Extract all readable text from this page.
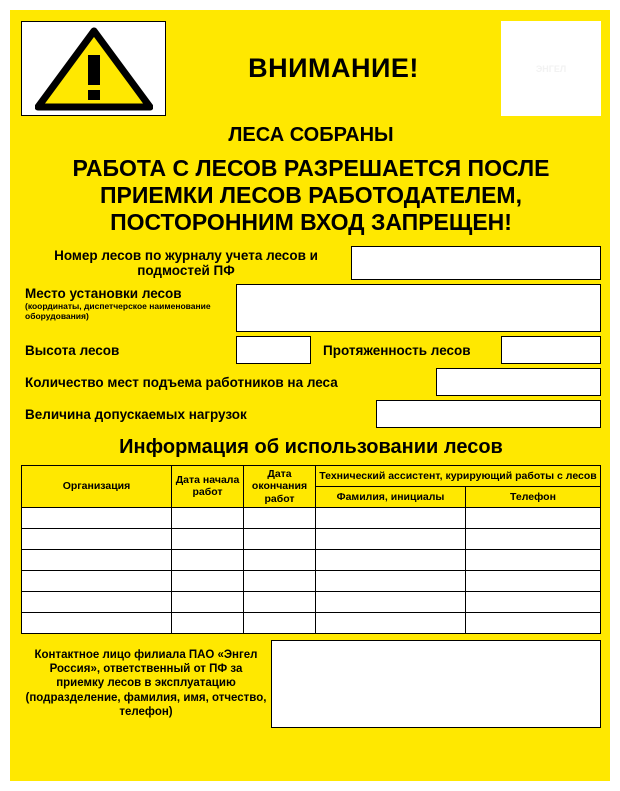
ВНИМАНИЕ!	ЭНГЕЛ
ЛЕСА СОБРАНЫ
РАБОТА С ЛЕСОВ РАЗРЕШАЕТСЯ ПОСЛЕ ПРИЕМКИ ЛЕСОВ РАБОТОДАТЕЛЕМ, ПОСТОРОННИМ ВХОД ЗАПРЕЩЕН!
Номер лесов по журналу учета лесов и подмостей ПФ
Место установки лесов
(координаты, диспетчерское наименование оборудования)
Высота лесов	Протяженность лесов
Количество мест подъема работников на леса
Величина допускаемых нагрузок
Информация об использовании лесов
Организация	Дата начала работ	Дата окончания работ	Технический ассистент, курирующий работы с лесов	
			Фамилия, инициалы	Телефон

Контактное лицо филиала ПАО «Энгел Россия», ответственный от ПФ за приемку лесов в эксплуатацию (подразделение, фамилия, имя, отчество, телефон)
